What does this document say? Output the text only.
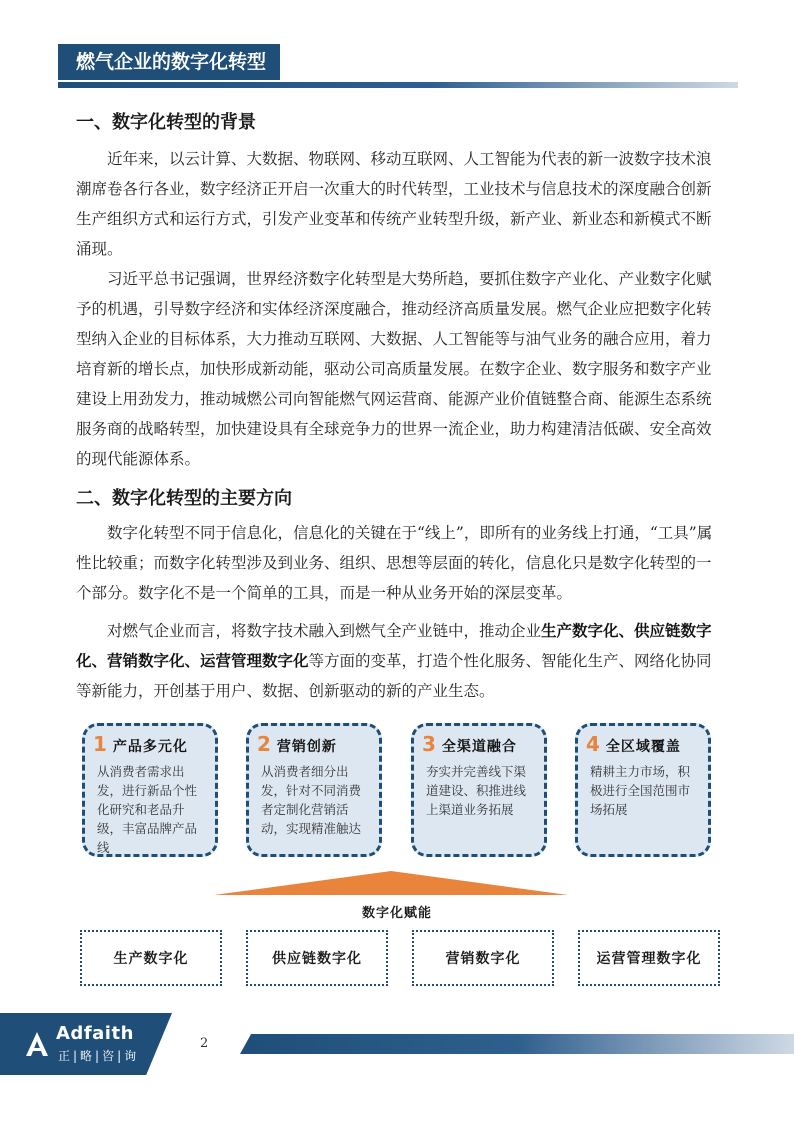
燃气企业的数字化转型
一、数字化转型的背景
近年来，以云计算、大数据、物联网、移动互联网、人工智能为代表的新一波数字技术浪潮席卷各行各业，数字经济正开启一次重大的时代转型，工业技术与信息技术的深度融合创新生产组织方式和运行方式，引发产业变革和传统产业转型升级，新产业、新业态和新模式不断涌现。
习近平总书记强调，世界经济数字化转型是大势所趋，要抓住数字产业化、产业数字化赋予的机遇，引导数字经济和实体经济深度融合，推动经济高质量发展。燃气企业应把数字化转型纳入企业的目标体系，大力推动互联网、大数据、人工智能等与油气业务的融合应用，着力培育新的增长点，加快形成新动能，驱动公司高质量发展。在数字企业、数字服务和数字产业建设上用劲发力，推动城燃公司向智能燃气网运营商、能源产业价值链整合商、能源生态系统服务商的战略转型，加快建设具有全球竞争力的世界一流企业，助力构建清洁低碳、安全高效的现代能源体系。
二、数字化转型的主要方向
数字化转型不同于信息化，信息化的关键在于“线上”，即所有的业务线上打通，“工具”属性比较重；而数字化转型涉及到业务、组织、思想等层面的转化，信息化只是数字化转型的一个部分。数字化不是一个简单的工具，而是一种从业务开始的深层变革。
对燃气企业而言，将数字技术融入到燃气全产业链中，推动企业生产数字化、供应链数字化、营销数字化、运营管理数字化等方面的变革，打造个性化服务、智能化生产、网络化协同等新能力，开创基于用户、数据、创新驱动的新的产业生态。
1 产品多元化
从消费者需求出发，进行新品个性化研究和老品升级，丰富品牌产品线
2 营销创新
从消费者细分出发，针对不同消费者定制化营销活动，实现精准触达
3 全渠道融合
夯实并完善线下渠道建设、积推进线上渠道业务拓展
4 全区域覆盖
精耕主力市场，积极进行全国范围市场拓展
数字化赋能
生产数字化	供应链数字化	营销数字化	运营管理数字化
Adfaith
正|略|咨|询
2
